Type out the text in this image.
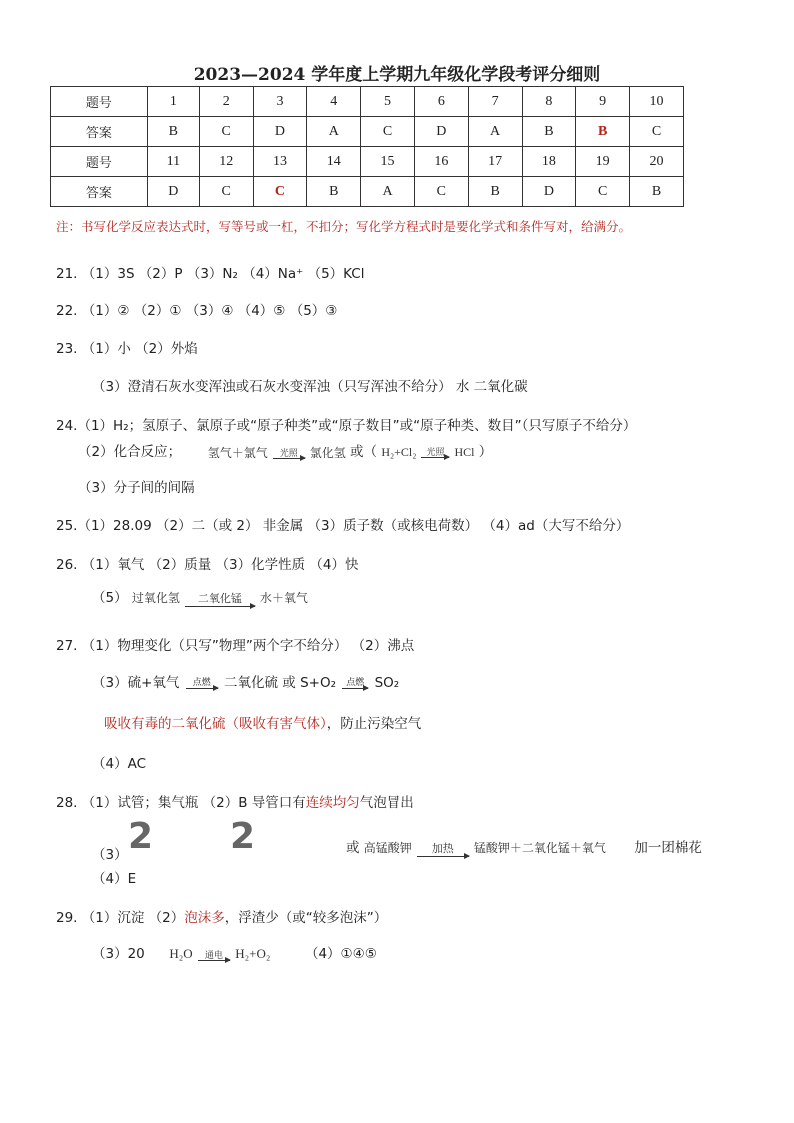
2023—2024 学年度上学期九年级化学段考评分细则
题号	1	2	3	4	5	6	7	8	9	10
答案	B	C	D	A	C	D	A	B	B	C
题号	11	12	13	14	15	16	17	18	19	20
答案	D	C	C	B	A	C	B	D	C	B
注：书写化学反应表达式时，写等号或一杠，不扣分；写化学方程式时是要化学式和条件写对，给满分。
21. （1）3S （2）P （3）N₂ （4）Na⁺ （5）KCl
22. （1）② （2）① （3）④ （4）⑤ （5）③
23. （1）小 （2）外焰
（3）澄清石灰水变浑浊或石灰水变浑浊（只写浑浊不给分） 水 二氧化碳
24.（1）H₂；氢原子、氯原子或“原子种类”或“原子数目”或“原子种类、数目”（只写原子不给分）
（2）化合反应； 氢气＋氯气	光照	氯化氢 或（ H₂+Cl₂	光照 HCl ）
（3）分子间的间隔
25.（1）28.09 （2）二（或 2） 非金属 （3）质子数（或核电荷数） （4）ad（大写不给分）
26. （1）氧气 （2）质量 （3）化学性质 （4）快
（5） 过氧化氢	二氧化锰	水＋氧气
27. （1）物理变化（只写”物理”两个字不给分） （2）沸点
（3）硫+氧气	点燃 二氧化硫 或 S+O₂	点燃 SO₂
吸收有毒的二氧化硫（吸收有害气体），防止污染空气
（4）AC
28. （1）试管；集气瓶 （2）B 导管口有连续均匀气泡冒出
（3） 2 2	或 高锰酸钾	加热	锰酸钾＋二氧化锰＋氧气 加一团棉花
（4）E
29. （1）沉淀 （2）泡沫多，浮渣少（或“较多泡沫”）
（3）20 H₂O	通电 H₂+O₂	（4）①④⑤
